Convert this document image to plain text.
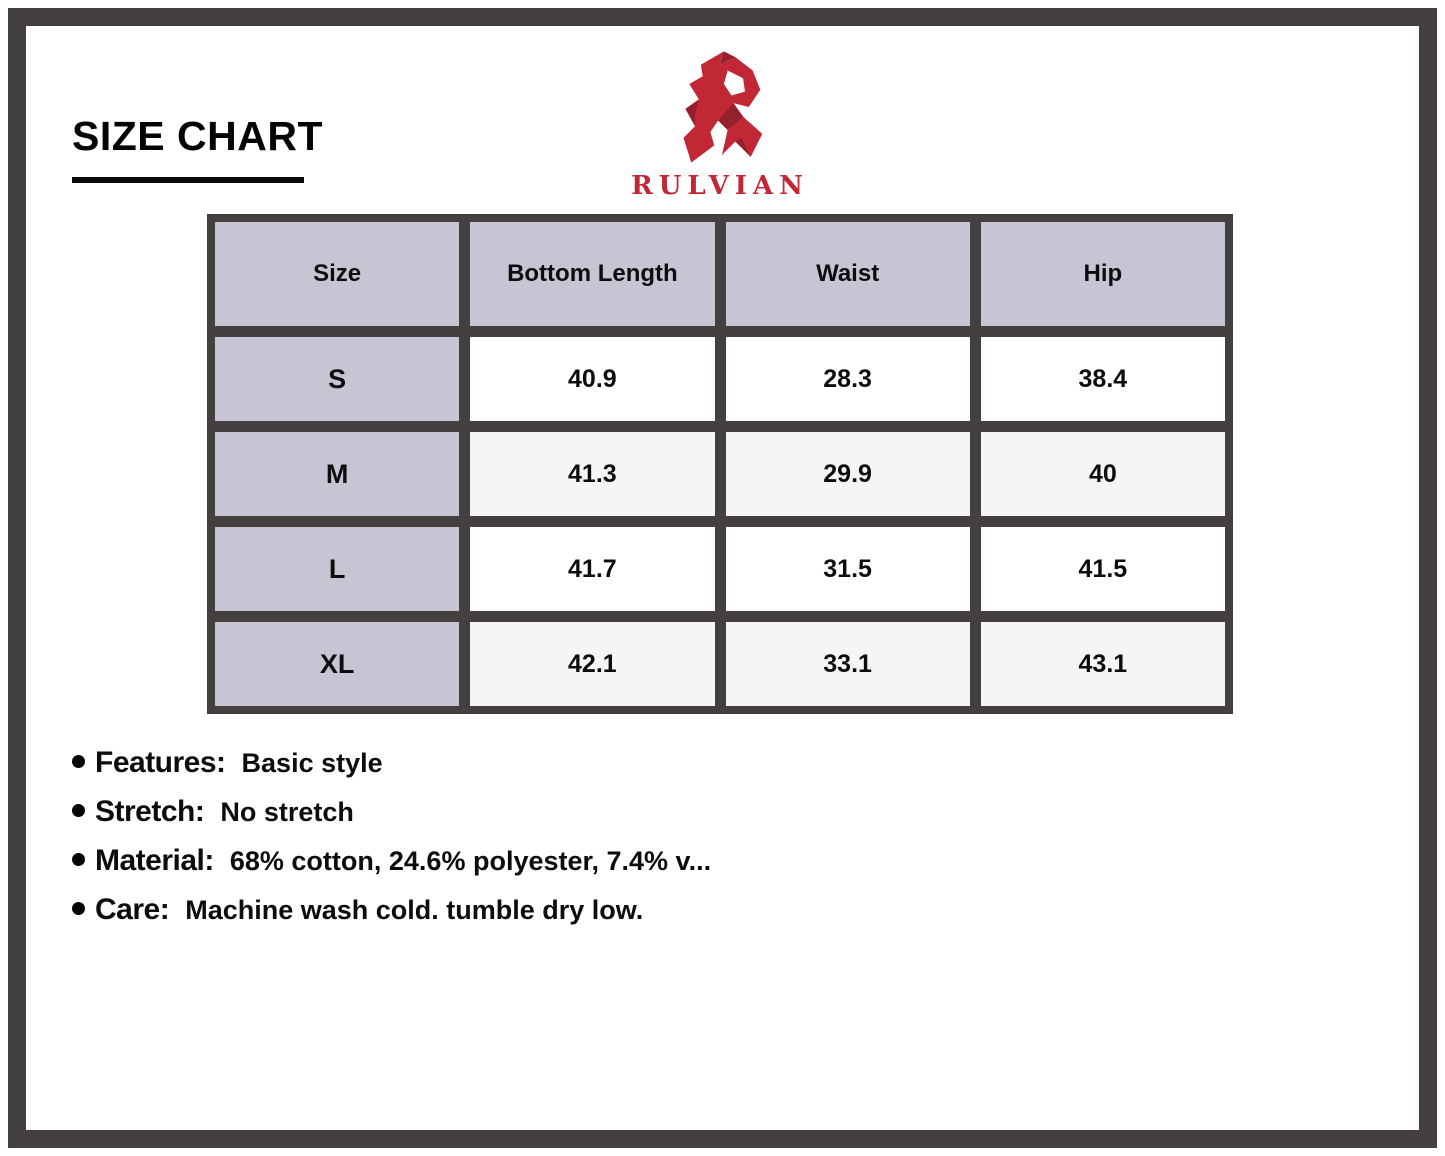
SIZE CHART
RULVIAN
Size	Bottom Length	Waist	Hip
S	40.9	28.3	38.4
M	41.3	29.9	40
L	41.7	31.5	41.5
XL	42.1	33.1	43.1
Features: Basic style
Stretch: No stretch
Material: 68% cotton, 24.6% polyester, 7.4% v...
Care: Machine wash cold. tumble dry low.
